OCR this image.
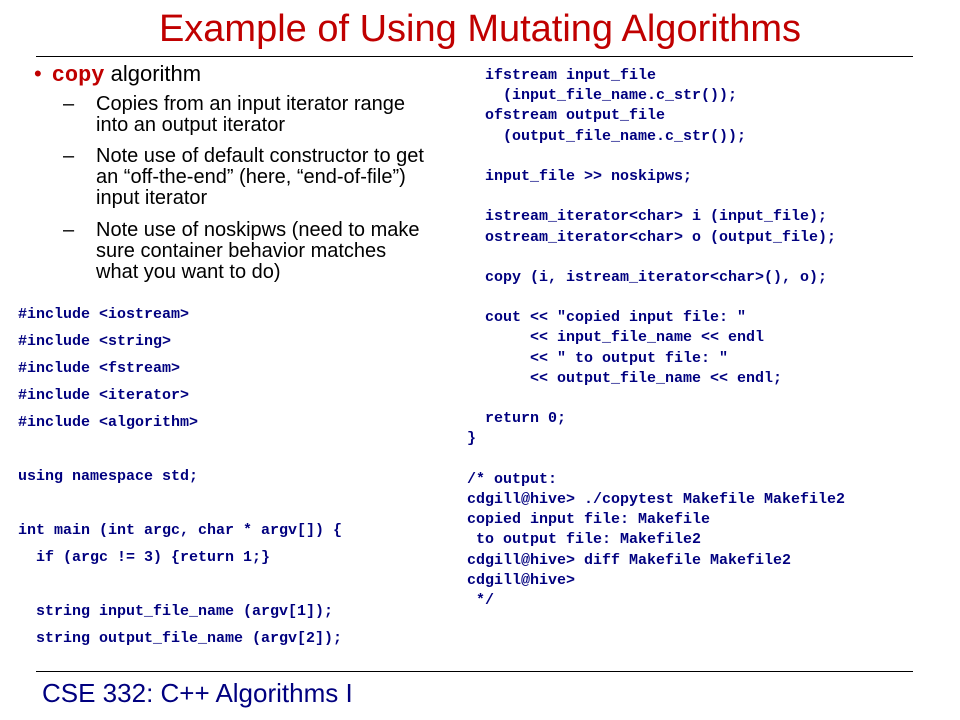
Example of Using Mutating Algorithms
• copy algorithm
– Copies from an input iterator range into an output iterator
– Note use of default constructor to get an “off-the-end” (here, “end-of-file”) input iterator
– Note use of noskipws (need to make sure container behavior matches what you want to do)
#include <iostream>
#include <string>
#include <fstream>
#include <iterator>
#include <algorithm>
using namespace std;
int main (int argc, char * argv[]) {
if (argc != 3) {return 1;}
string input_file_name (argv[1]);
string output_file_name (argv[2]);
ifstream input_file
(input_file_name.c_str());
ofstream output_file
(output_file_name.c_str());
input_file >> noskipws;
istream_iterator<char> i (input_file);
ostream_iterator<char> o (output_file);
copy (i, istream_iterator<char>(), o);
cout << "copied input file: "
<< input_file_name << endl
<< " to output file: "
<< output_file_name << endl;
return 0;
}
/* output:
cdgill@hive> ./copytest Makefile Makefile2
copied input file: Makefile
to output file: Makefile2
cdgill@hive> diff Makefile Makefile2
cdgill@hive>
*/
CSE 332: C++ Algorithms I
